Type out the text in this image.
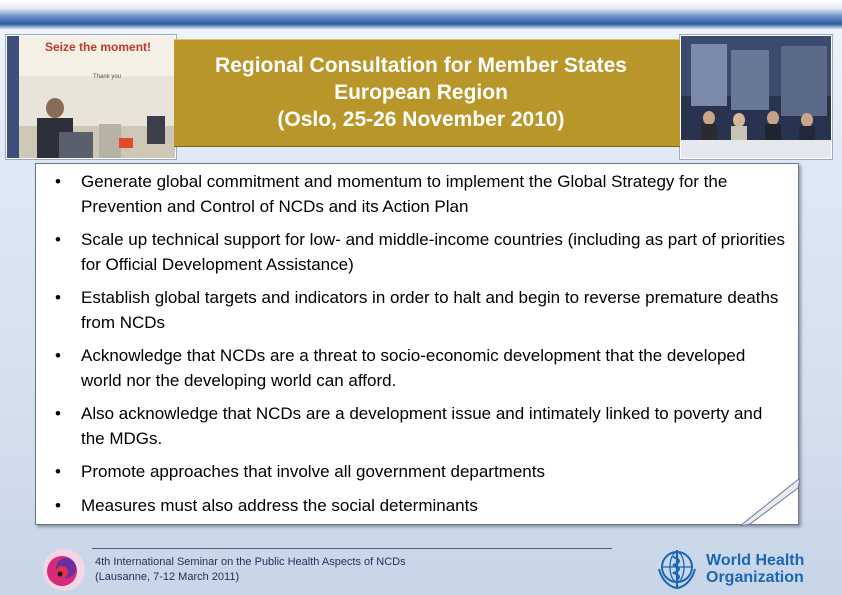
Seize the moment!
Thank you	Regional Consultation for Member States
European Region
(Oslo, 25-26 November 2010)
• Generate global commitment and momentum to implement the Global Strategy for the Prevention and Control of NCDs and its Action Plan
• Scale up technical support for low- and middle-income countries (including as part of priorities for Official Development Assistance)
• Establish global targets and indicators in order to halt and begin to reverse premature deaths from NCDs
• Acknowledge that NCDs are a threat to socio-economic development that the developed world nor the developing world can afford.
• Also acknowledge that NCDs are a development issue and intimately linked to poverty and the MDGs.
• Promote approaches that involve all government departments
• Measures must also address the social determinants
4th International Seminar on the Public Health Aspects of NCDs
(Lausanne, 7-12 March 2011)
World Health
Organization
